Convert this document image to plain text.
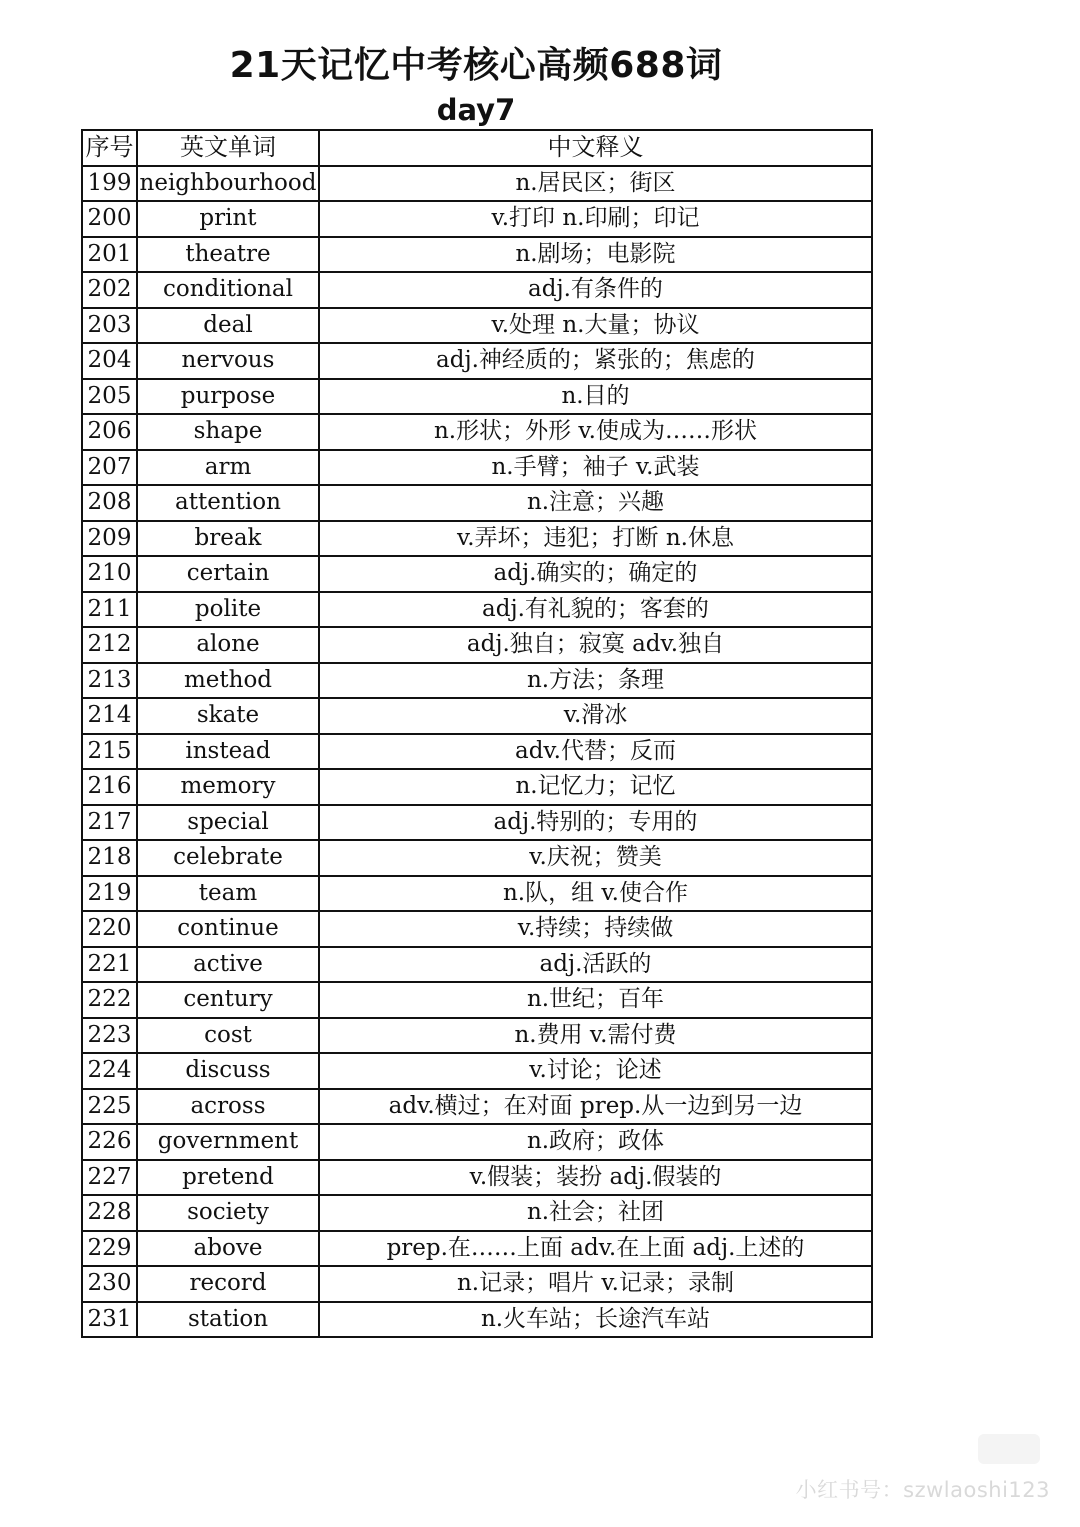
21天记忆中考核心高频688词
day7
序号	英文单词	中文释义
199	neighbourhood	n.居民区；街区
200	print	v.打印 n.印刷；印记
201	theatre	n.剧场；电影院
202	conditional	adj.有条件的
203	deal	v.处理 n.大量；协议
204	nervous	adj.神经质的；紧张的；焦虑的
205	purpose	n.目的
206	shape	n.形状；外形 v.使成为……形状
207	arm	n.手臂；袖子 v.武装
208	attention	n.注意；兴趣
209	break	v.弄坏；违犯；打断 n.休息
210	certain	adj.确实的；确定的
211	polite	adj.有礼貌的；客套的
212	alone	adj.独自；寂寞 adv.独自
213	method	n.方法；条理
214	skate	v.滑冰
215	instead	adv.代替；反而
216	memory	n.记忆力；记忆
217	special	adj.特别的；专用的
218	celebrate	v.庆祝；赞美
219	team	n.队，组 v.使合作
220	continue	v.持续；持续做
221	active	adj.活跃的
222	century	n.世纪；百年
223	cost	n.费用 v.需付费
224	discuss	v.讨论；论述
225	across	adv.横过；在对面 prep.从一边到另一边
226	government	n.政府；政体
227	pretend	v.假装；装扮 adj.假装的
228	society	n.社会；社团
229	above	prep.在……上面 adv.在上面 adj.上述的
230	record	n.记录；唱片 v.记录；录制
231	station	n.火车站；长途汽车站
小红书号：szwlaoshi123
